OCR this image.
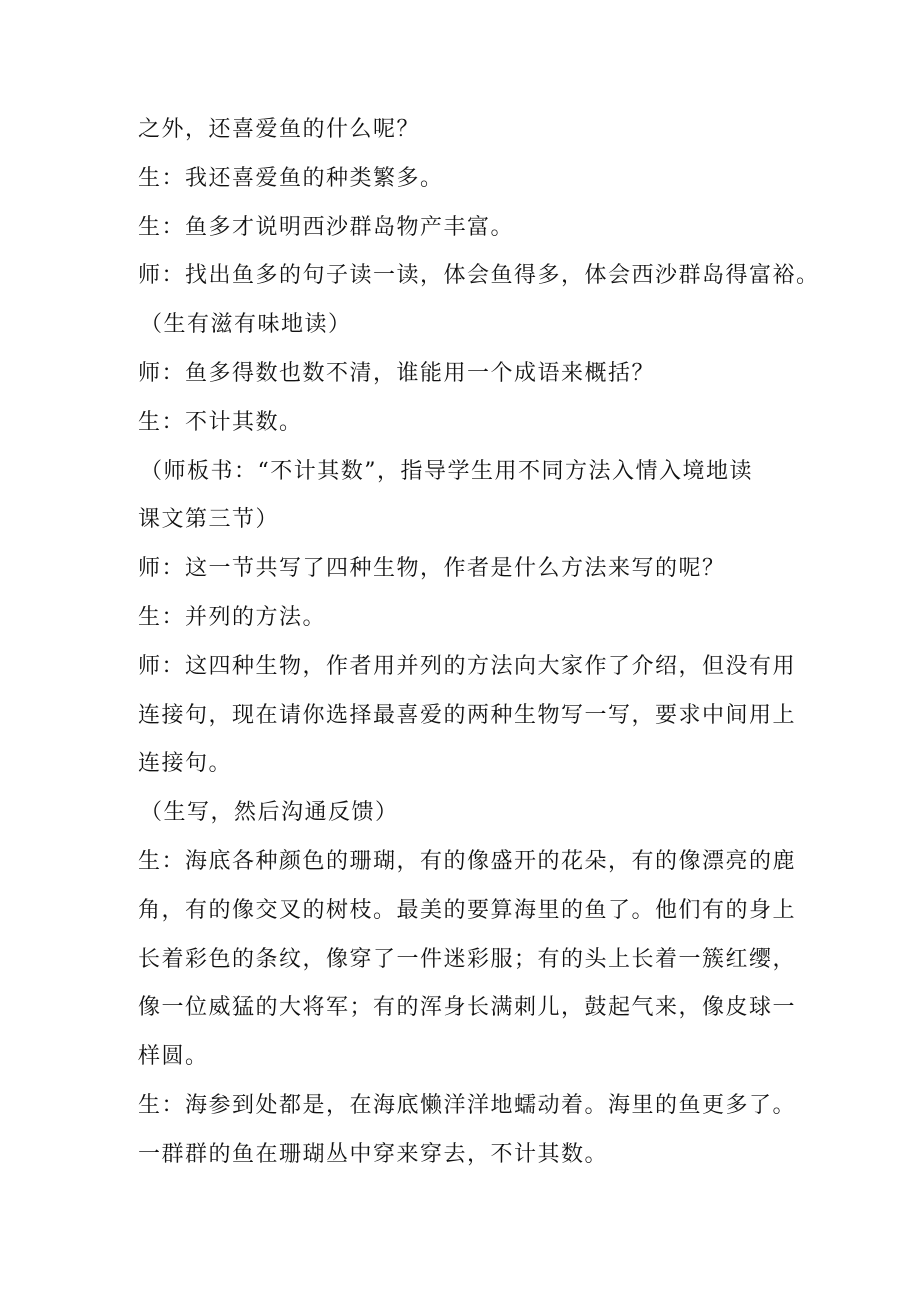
之外，还喜爱鱼的什么呢？
生：我还喜爱鱼的种类繁多。
生：鱼多才说明西沙群岛物产丰富。
师：找出鱼多的句子读一读，体会鱼得多，体会西沙群岛得富裕。
（生有滋有味地读）
师：鱼多得数也数不清，谁能用一个成语来概括？
生：不计其数。
（师板书：“不计其数”，指导学生用不同方法入情入境地读
课文第三节）
师：这一节共写了四种生物，作者是什么方法来写的呢？
生：并列的方法。
师：这四种生物，作者用并列的方法向大家作了介绍，但没有用
连接句，现在请你选择最喜爱的两种生物写一写，要求中间用上
连接句。
（生写，然后沟通反馈）
生：海底各种颜色的珊瑚，有的像盛开的花朵，有的像漂亮的鹿
角，有的像交叉的树枝。最美的要算海里的鱼了。他们有的身上
长着彩色的条纹，像穿了一件迷彩服；有的头上长着一簇红缨，
像一位威猛的大将军；有的浑身长满刺儿，鼓起气来，像皮球一
样圆。
生：海参到处都是，在海底懒洋洋地蠕动着。海里的鱼更多了。
一群群的鱼在珊瑚丛中穿来穿去，不计其数。
